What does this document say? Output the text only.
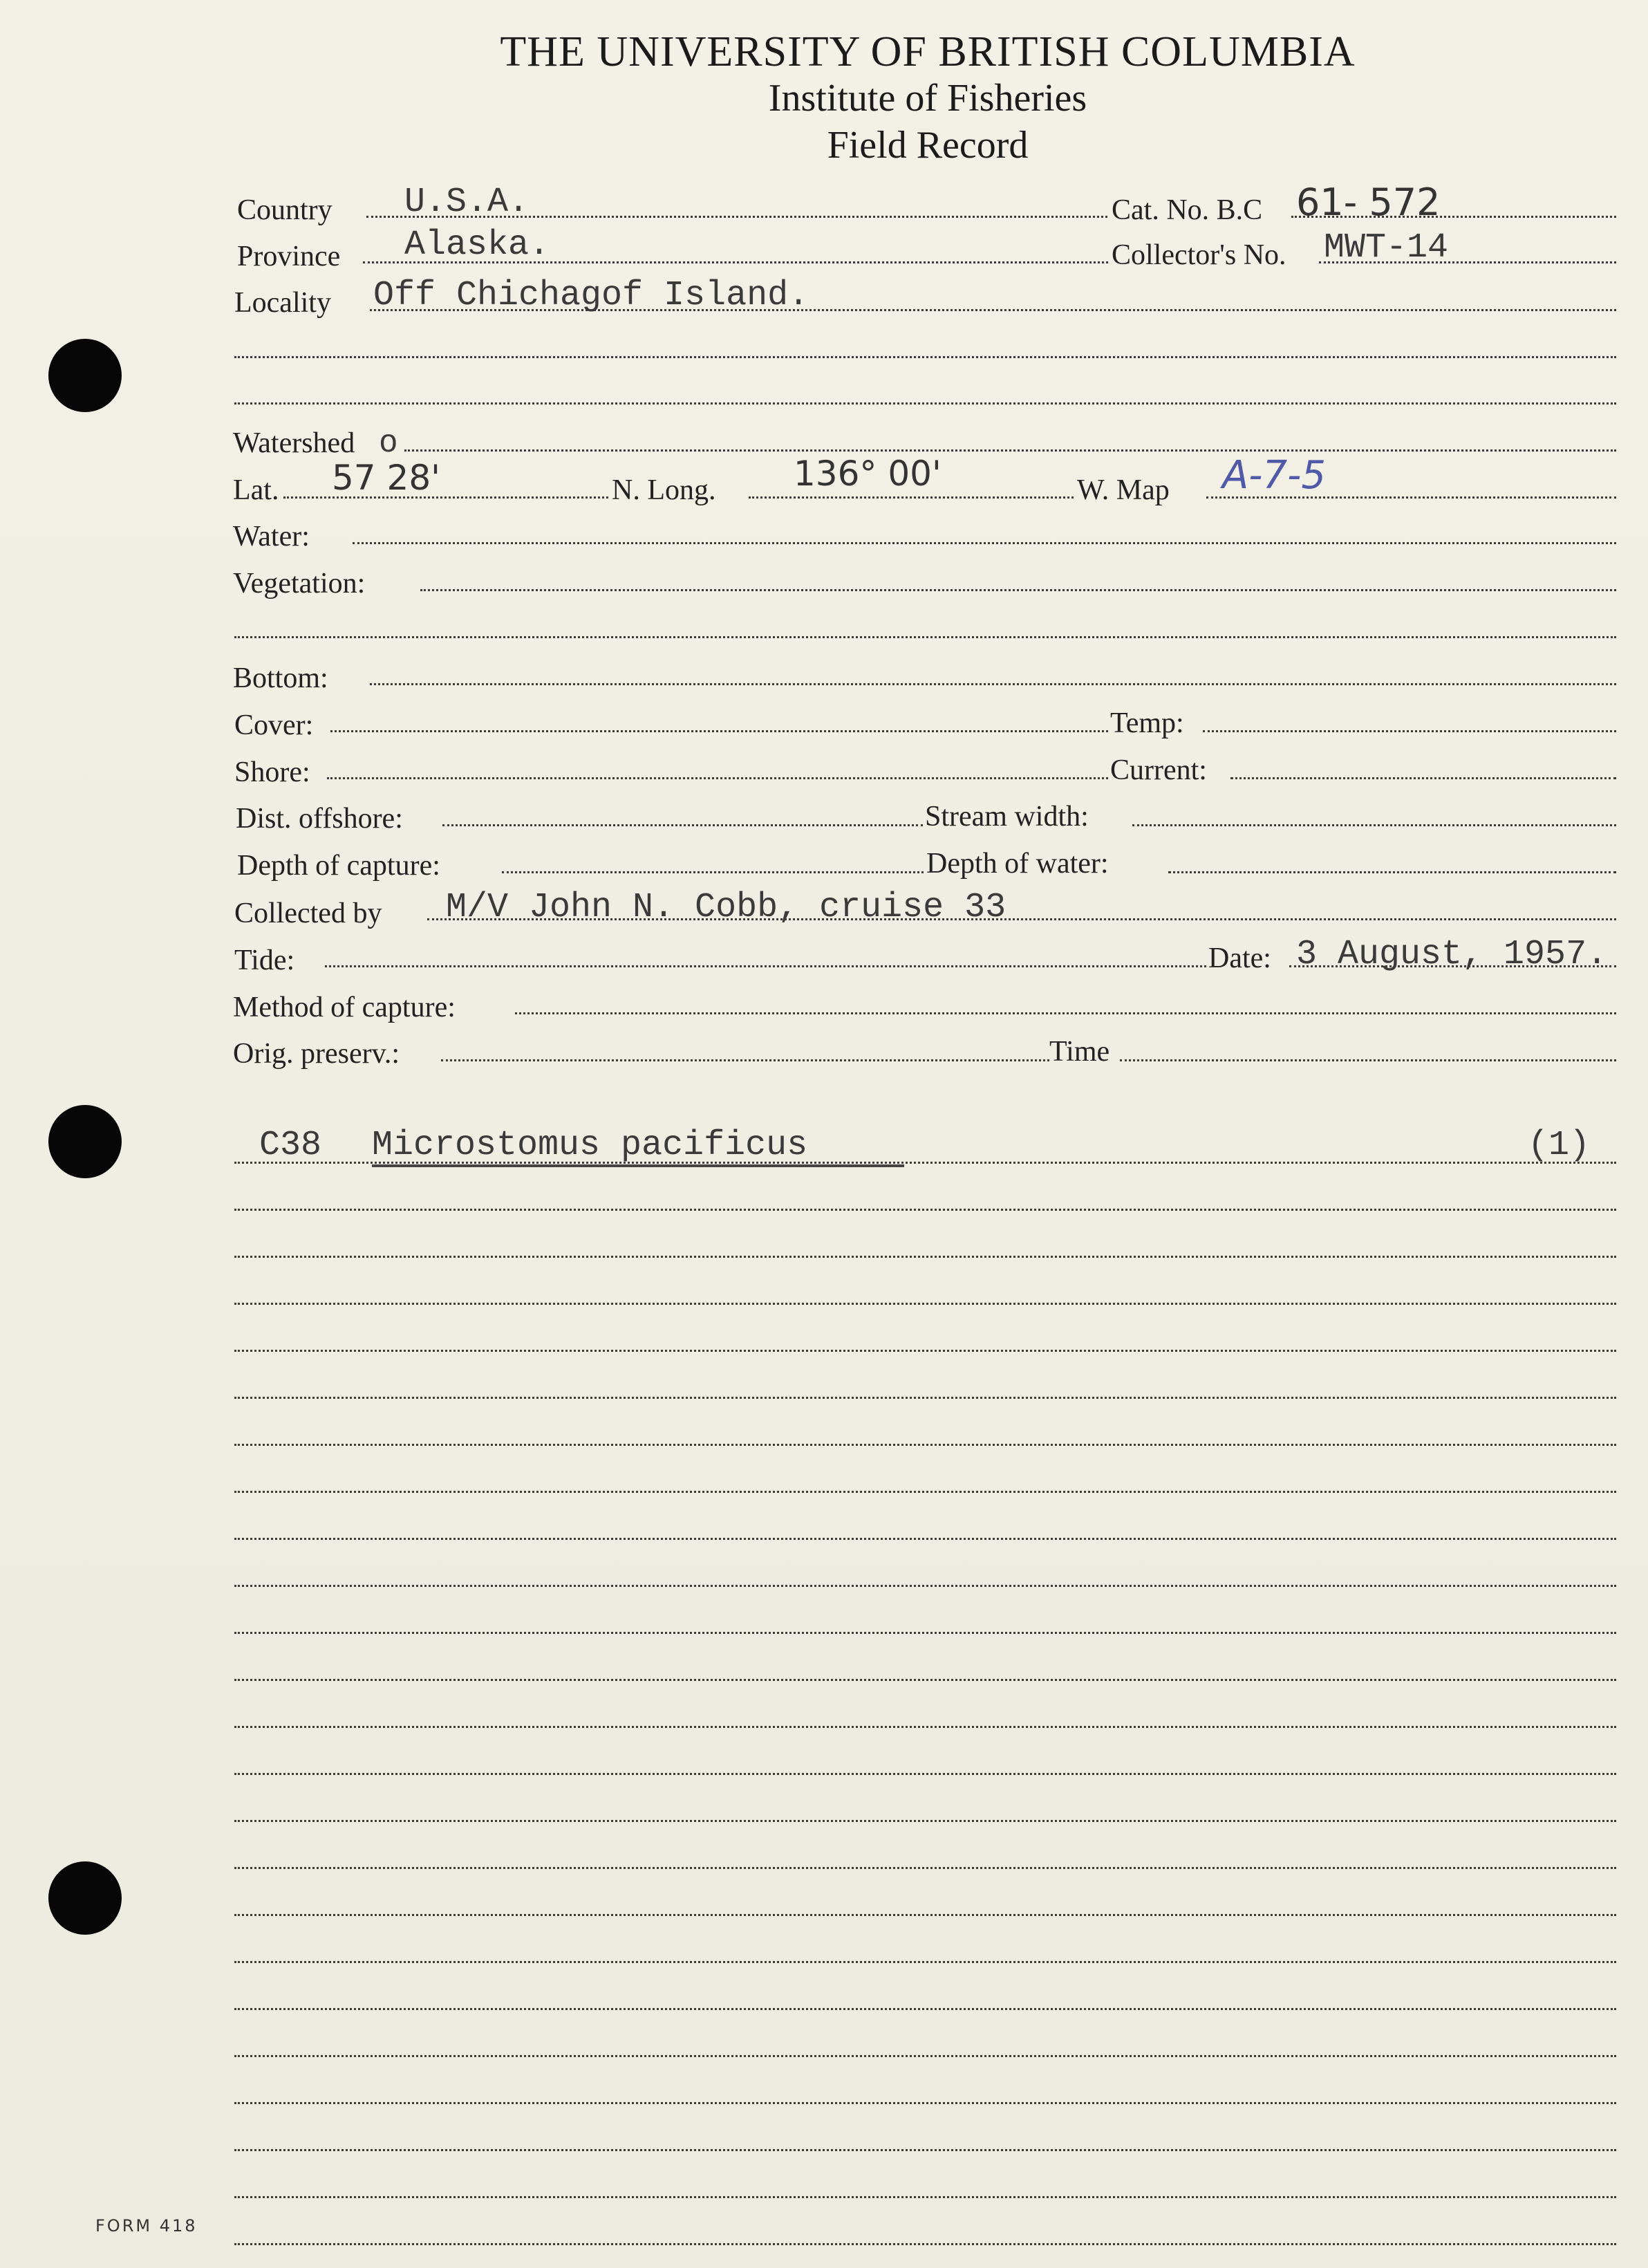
THE UNIVERSITY OF BRITISH COLUMBIA
Institute of Fisheries
Field Record
Country U.S.A.	Cat. No. B.C 61- 572
Province Alaska.	Collector's No. MWT-14
Locality Off Chichagof Island.
Watershed o
Lat. 57 28'	N. Long. 136° 00'	W. Map A-7-5
Water:
Vegetation:
Bottom:
Cover:	Temp:
Shore:	Current:
Dist. offshore:	Stream width:
Depth of capture:	Depth of water:
Collected by M/V John N. Cobb, cruise 33
Tide:	Date: 3 August, 1957.
Method of capture:
Orig. preserv.:	Time
C38 Microstomus pacificus	(1)
FORM 418
